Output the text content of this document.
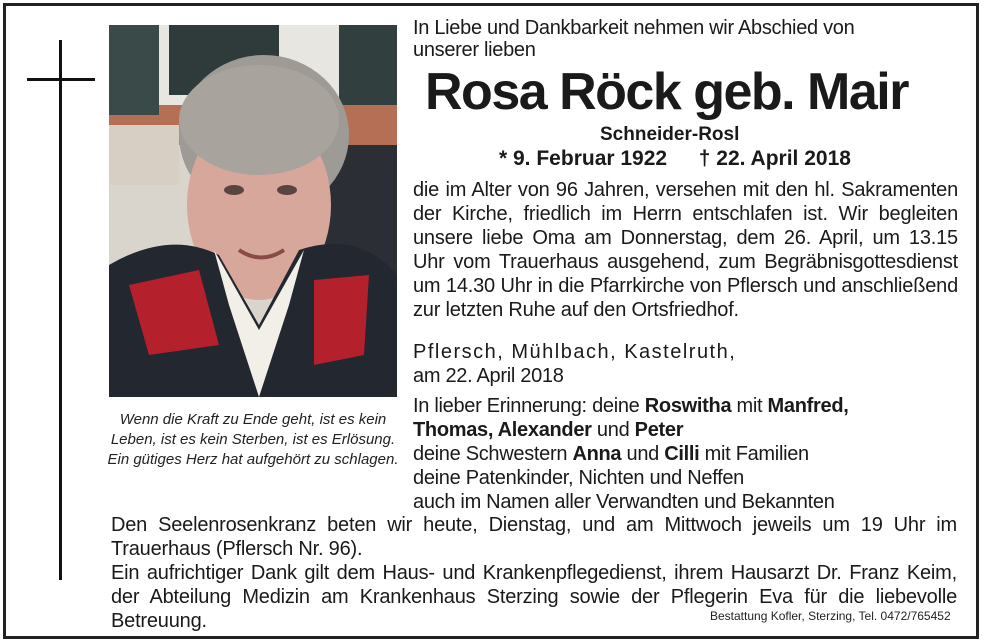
Wenn die Kraft zu Ende geht, ist es kein Leben, ist es kein Sterben, ist es Erlösung. Ein gütiges Herz hat aufgehört zu schlagen.
In Liebe und Dankbarkeit nehmen wir Abschied von
unserer lieben
Rosa Röck geb. Mair
Schneider-Rosl
* 9. Februar 1922 † 22. April 2018
die im Alter von 96 Jahren, versehen mit den hl. Sakramenten der Kirche, friedlich im Herrn entschlafen ist. Wir begleiten unsere liebe Oma am Donnerstag, dem 26. April, um 13.15 Uhr vom Trauerhaus ausgehend, zum Begräbnisgottesdienst um 14.30 Uhr in die Pfarrkirche von Pflersch und anschließend zur letzten Ruhe auf den Ortsfriedhof.
Pflersch, Mühlbach, Kastelruth,
am 22. April 2018
In lieber Erinnerung: deine Roswitha mit Manfred,
Thomas, Alexander und Peter
deine Schwestern Anna und Cilli mit Familien
deine Patenkinder, Nichten und Neffen
auch im Namen aller Verwandten und Bekannten
Den Seelenrosenkranz beten wir heute, Dienstag, und am Mittwoch jeweils um 19 Uhr im Trauerhaus (Pflersch Nr. 96).
Ein aufrichtiger Dank gilt dem Haus- und Krankenpflegedienst, ihrem Hausarzt Dr. Franz Keim, der Abteilung Medizin am Krankenhaus Sterzing sowie der Pflegerin Eva für die liebevolle Betreuung.	Bestattung Kofler, Sterzing, Tel. 0472/765452
